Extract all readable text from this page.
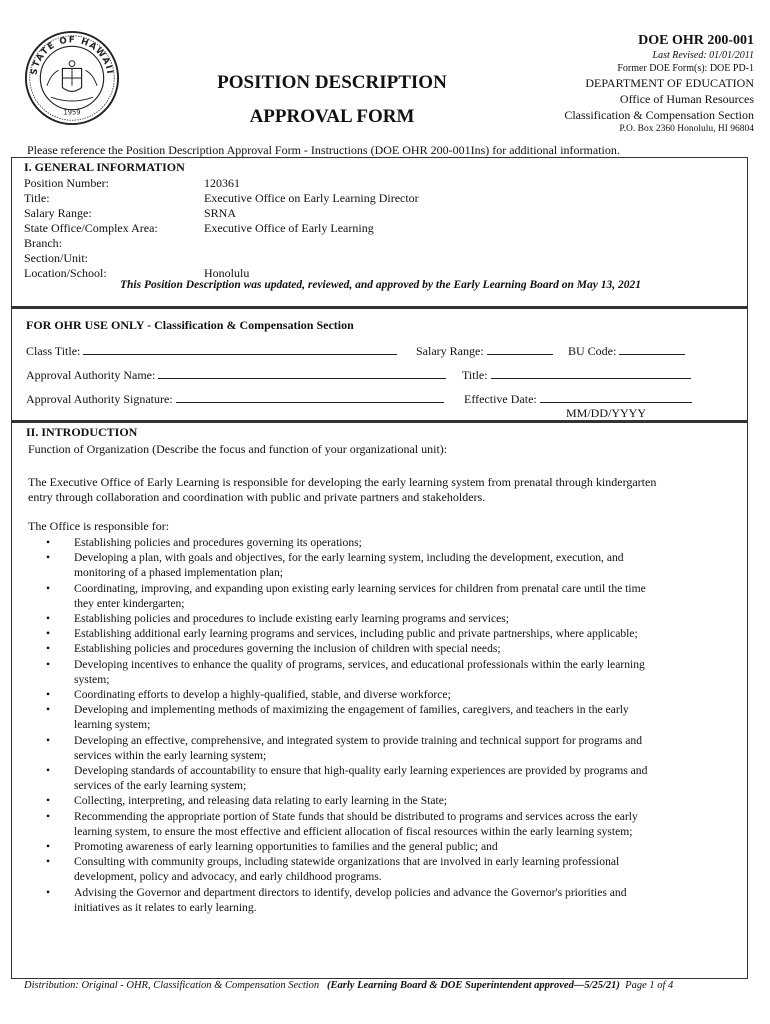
STATE OF HAWAII
1959
POSITION DESCRIPTION
APPROVAL FORM
DOE OHR 200-001
Last Revised: 01/01/2011
Former DOE Form(s): DOE PD-1
DEPARTMENT OF EDUCATION
Office of Human Resources
Classification & Compensation Section
P.O. Box 2360 Honolulu, HI 96804
Please reference the Position Description Approval Form - Instructions (DOE OHR 200-001Ins) for additional information.
I. GENERAL INFORMATION
Position Number:	120361
Title:	Executive Office on Early Learning Director
Salary Range:	SRNA
State Office/Complex Area:	Executive Office of Early Learning
Branch:
Section/Unit:
Location/School:	Honolulu
This Position Description was updated, reviewed, and approved by the Early Learning Board on May 13, 2021
FOR OHR USE ONLY - Classification & Compensation Section
Class Title:	Salary Range:	BU Code:
Approval Authority Name:	Title:
Approval Authority Signature:	Effective Date:
MM/DD/YYYY
II. INTRODUCTION
Function of Organization (Describe the focus and function of your organizational unit):
The Executive Office of Early Learning is responsible for developing the early learning system from prenatal through kindergarten
entry through collaboration and coordination with public and private partners and stakeholders.
The Office is responsible for:
• Establishing policies and procedures governing its operations;
• Developing a plan, with goals and objectives, for the early learning system, including the development, execution, and
monitoring of a phased implementation plan;
• Coordinating, improving, and expanding upon existing early learning services for children from prenatal care until the time
they enter kindergarten;
• Establishing policies and procedures to include existing early learning programs and services;
• Establishing additional early learning programs and services, including public and private partnerships, where applicable;
• Establishing policies and procedures governing the inclusion of children with special needs;
• Developing incentives to enhance the quality of programs, services, and educational professionals within the early learning
system;
• Coordinating efforts to develop a highly-qualified, stable, and diverse workforce;
• Developing and implementing methods of maximizing the engagement of families, caregivers, and teachers in the early
learning system;
• Developing an effective, comprehensive, and integrated system to provide training and technical support for programs and
services within the early learning system;
• Developing standards of accountability to ensure that high-quality early learning experiences are provided by programs and
services of the early learning system;
• Collecting, interpreting, and releasing data relating to early learning in the State;
• Recommending the appropriate portion of State funds that should be distributed to programs and services across the early
learning system, to ensure the most effective and efficient allocation of fiscal resources within the early learning system;
• Promoting awareness of early learning opportunities to families and the general public; and
• Consulting with community groups, including statewide organizations that are involved in early learning professional
development, policy and advocacy, and early childhood programs.
• Advising the Governor and department directors to identify, develop policies and advance the Governor's priorities and
initiatives as it relates to early learning.
Distribution: Original - OHR, Classification & Compensation Section (Early Learning Board & DOE Superintendent approved—5/25/21) Page 1 of 4
